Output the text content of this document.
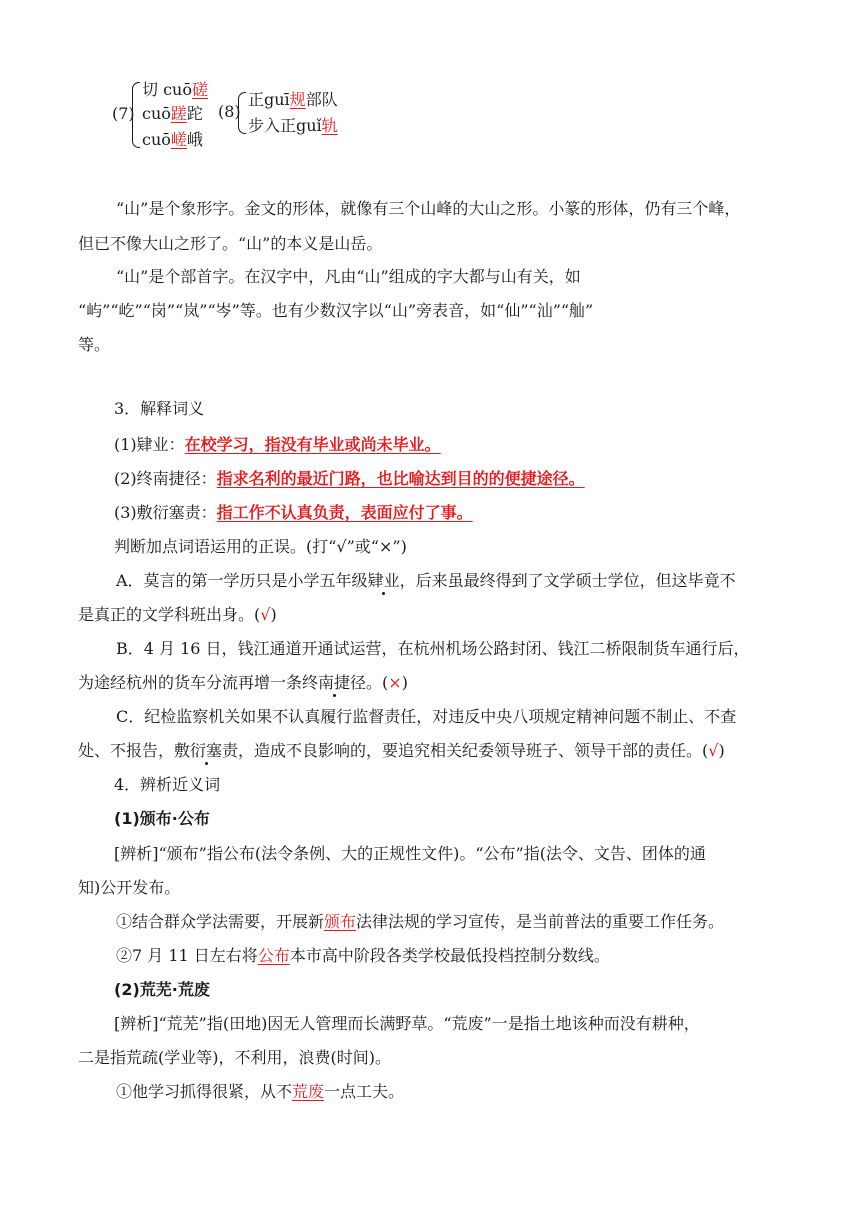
(7)
切 cuō磋
cuō蹉跎
cuō嵯峨
(8)
正guī规部队
步入正guǐ轨
“山”是个象形字。金文的形体，就像有三个山峰的大山之形。小篆的形体，仍有三个峰，
但已不像大山之形了。“山”的本义是山岳。
“山”是个部首字。在汉字中，凡由“山”组成的字大都与山有关，如
“屿”“屹”“岗”“岚”“岑”等。也有少数汉字以“山”旁表音，如“仙”“汕”“舢”
等。
3．解释词义
(1)肄业：在校学习，指没有毕业或尚未毕业。
(2)终南捷径：指求名利的最近门路，也比喻达到目的的便捷途径。
(3)敷衍塞责：指工作不认真负责，表面应付了事。
判断加点词语运用的正误。(打“√”或“×”)
A．莫言的第一学历只是小学五年级肄业，后来虽最终得到了文学硕士学位，但这毕竟不
是真正的文学科班出身。(√)
B．4 月 16 日，钱江通道开通试运营，在杭州机场公路封闭、钱江二桥限制货车通行后，
为途经杭州的货车分流再增一条终南捷径。(×)
C．纪检监察机关如果不认真履行监督责任，对违反中央八项规定精神问题不制止、不查
处、不报告，敷衍塞责，造成不良影响的，要追究相关纪委领导班子、领导干部的责任。(√)
4．辨析近义词
(1)颁布·公布
[辨析]“颁布”指公布(法令条例、大的正规性文件)。“公布”指(法令、文告、团体的通
知)公开发布。
①结合群众学法需要，开展新颁布法律法规的学习宣传，是当前普法的重要工作任务。
②7 月 11 日左右将公布本市高中阶段各类学校最低投档控制分数线。
(2)荒芜·荒废
[辨析]“荒芜”指(田地)因无人管理而长满野草。“荒废”一是指土地该种而没有耕种，
二是指荒疏(学业等)，不利用，浪费(时间)。
①他学习抓得很紧，从不荒废一点工夫。
